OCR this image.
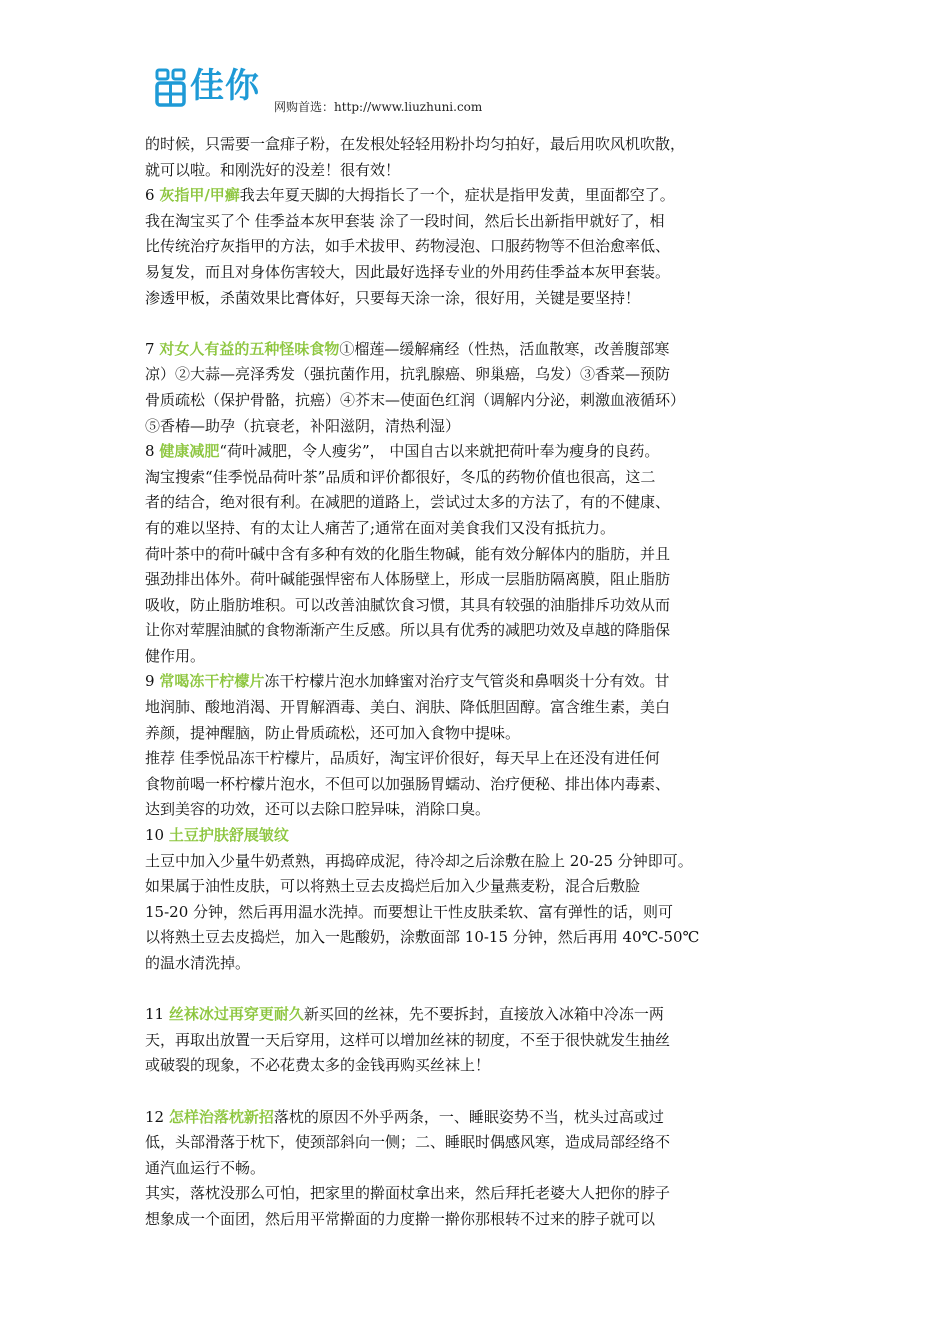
佳你
网购首选：http://www.liuzhuni.com
的时候，只需要一盒痱子粉，在发根处轻轻用粉扑均匀拍好，最后用吹风机吹散，
就可以啦。和刚洗好的没差！很有效！
6 灰指甲/甲癣我去年夏天脚的大拇指长了一个，症状是指甲发黄，里面都空了。
我在淘宝买了个 佳季益本灰甲套装 涂了一段时间，然后长出新指甲就好了，相
比传统治疗灰指甲的方法，如手术拔甲、药物浸泡、口服药物等不但治愈率低、
易复发，而且对身体伤害较大，因此最好选择专业的外用药佳季益本灰甲套装。
渗透甲板，杀菌效果比膏体好，只要每天涂一涂，很好用，关键是要坚持！
7 对女人有益的五种怪味食物①榴莲—缓解痛经（性热，活血散寒，改善腹部寒
凉）②大蒜—亮泽秀发（强抗菌作用，抗乳腺癌、卵巢癌，乌发）③香菜—预防
骨质疏松（保护骨骼，抗癌）④芥末—使面色红润（调解内分泌，刺激血液循环）
⑤香椿—助孕（抗衰老，补阳滋阴，清热利湿）
8 健康减肥“荷叶减肥，令人瘦劣”， 中国自古以来就把荷叶奉为瘦身的良药。
淘宝搜索“佳季悦品荷叶茶”品质和评价都很好，冬瓜的药物价值也很高，这二
者的结合，绝对很有利。在减肥的道路上，尝试过太多的方法了，有的不健康、
有的难以坚持、有的太让人痛苦了;通常在面对美食我们又没有抵抗力。
荷叶茶中的荷叶碱中含有多种有效的化脂生物碱，能有效分解体内的脂肪，并且
强劲排出体外。荷叶碱能强悍密布人体肠壁上，形成一层脂肪隔离膜，阻止脂肪
吸收，防止脂肪堆积。可以改善油腻饮食习惯，其具有较强的油脂排斥功效从而
让你对荤腥油腻的食物渐渐产生反感。所以具有优秀的减肥功效及卓越的降脂保
健作用。
9 常喝冻干柠檬片冻干柠檬片泡水加蜂蜜对治疗支气管炎和鼻咽炎十分有效。甘
地润肺、酸地消渴、开胃解酒毒、美白、润肤、降低胆固醇。富含维生素，美白
养颜，提神醒脑，防止骨质疏松，还可加入食物中提味。
推荐 佳季悦品冻干柠檬片，品质好，淘宝评价很好，每天早上在还没有进任何
食物前喝一杯柠檬片泡水，不但可以加强肠胃蠕动、治疗便秘、排出体内毒素、
达到美容的功效，还可以去除口腔异味，消除口臭。
10 土豆护肤舒展皱纹
土豆中加入少量牛奶煮熟，再捣碎成泥，待冷却之后涂敷在脸上 20-25 分钟即可。
如果属于油性皮肤，可以将熟土豆去皮捣烂后加入少量燕麦粉，混合后敷脸
15-20 分钟，然后再用温水洗掉。而要想让干性皮肤柔软、富有弹性的话，则可
以将熟土豆去皮捣烂，加入一匙酸奶，涂敷面部 10-15 分钟，然后再用 40℃-50℃
的温水清洗掉。
11 丝袜冰过再穿更耐久新买回的丝袜，先不要拆封，直接放入冰箱中冷冻一两
天，再取出放置一天后穿用，这样可以增加丝袜的韧度，不至于很快就发生抽丝
或破裂的现象，不必花费太多的金钱再购买丝袜上！
12 怎样治落枕新招落枕的原因不外乎两条，一、睡眠姿势不当，枕头过高或过
低，头部滑落于枕下，使颈部斜向一侧；二、睡眠时偶感风寒，造成局部经络不
通汽血运行不畅。
其实，落枕没那么可怕，把家里的擀面杖拿出来，然后拜托老婆大人把你的脖子
想象成一个面团，然后用平常擀面的力度擀一擀你那根转不过来的脖子就可以
